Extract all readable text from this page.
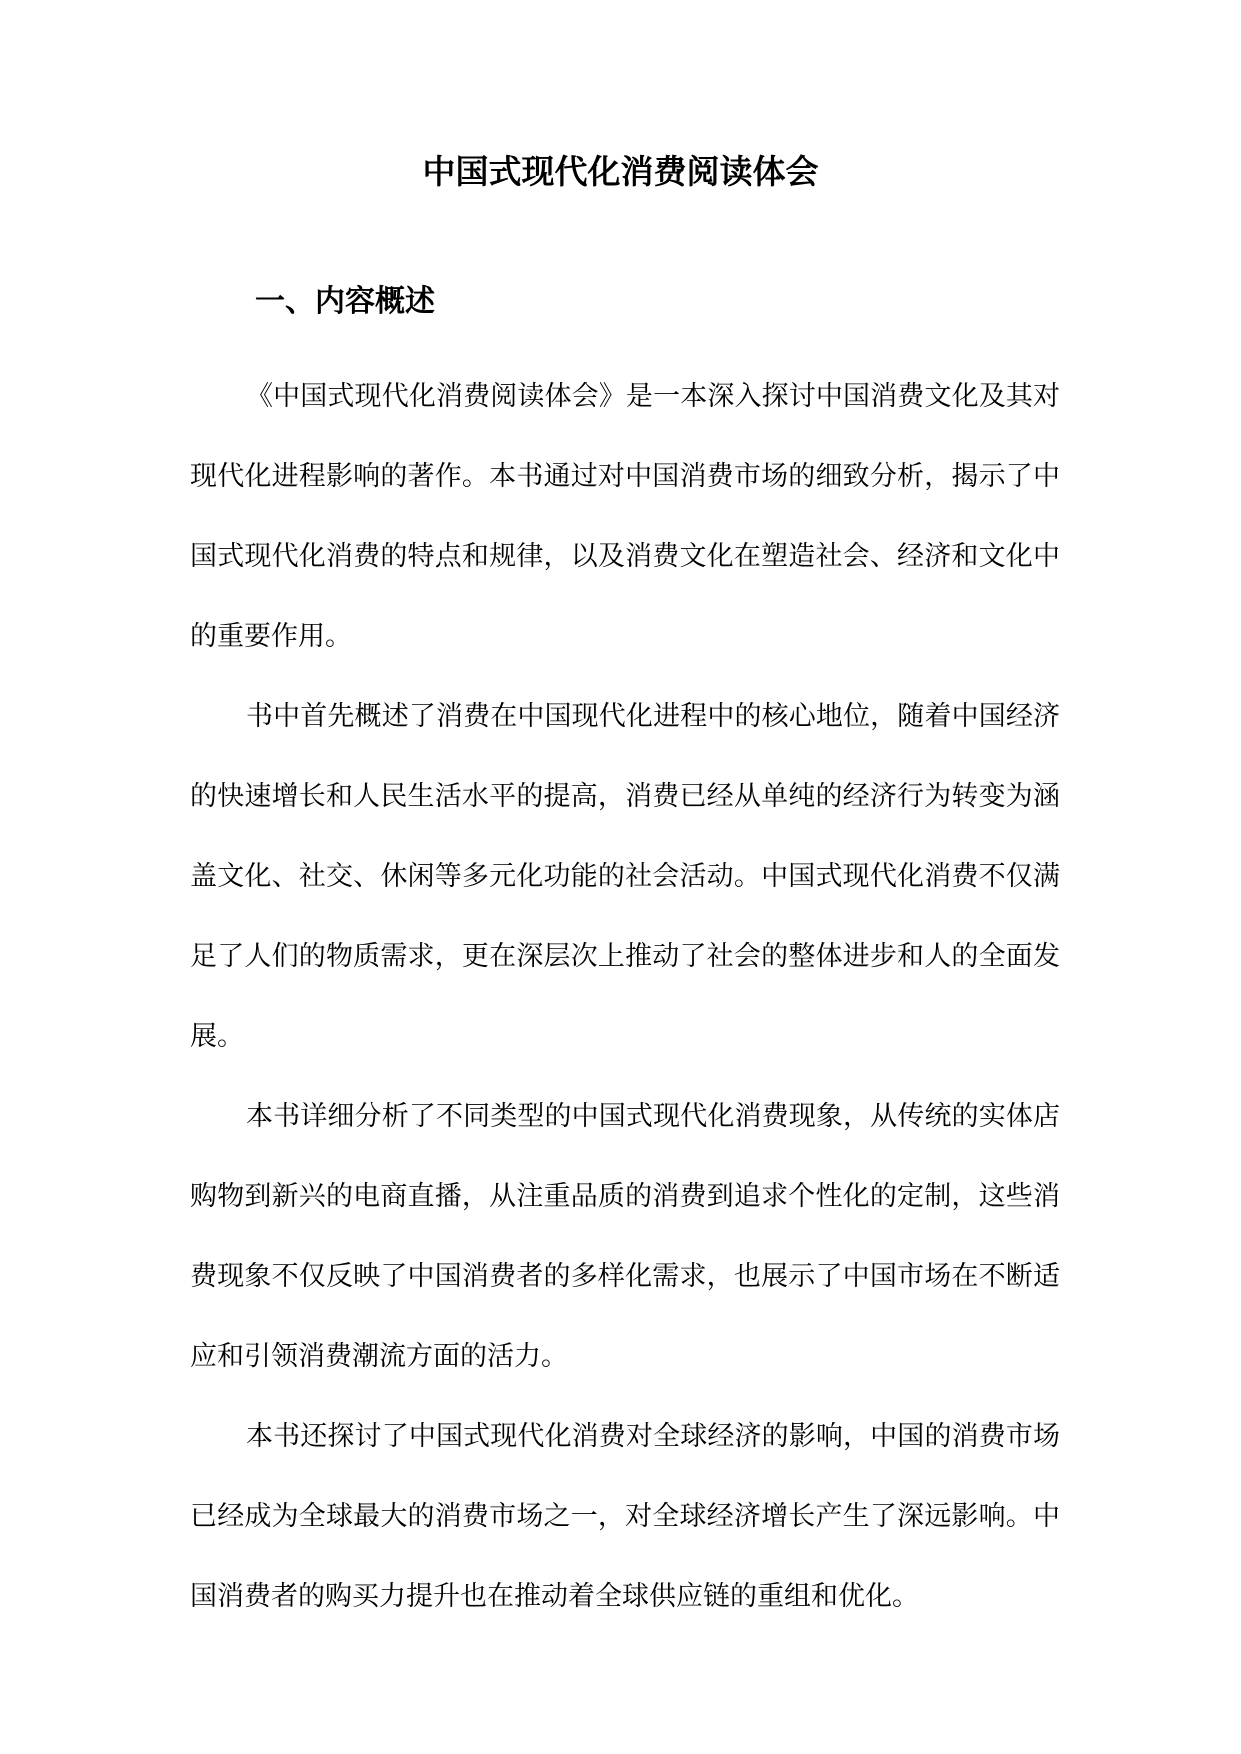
中国式现代化消费阅读体会
一、内容概述

《中国式现代化消费阅读体会》是一本深入探讨中国消费文化及其对现代化进程影响的著作。本书通过对中国消费市场的细致分析，揭示了中国式现代化消费的特点和规律，以及消费文化在塑造社会、经济和文化中的重要作用。

书中首先概述了消费在中国现代化进程中的核心地位，随着中国经济的快速增长和人民生活水平的提高，消费已经从单纯的经济行为转变为涵盖文化、社交、休闲等多元化功能的社会活动。中国式现代化消费不仅满足了人们的物质需求，更在深层次上推动了社会的整体进步和人的全面发展。

本书详细分析了不同类型的中国式现代化消费现象，从传统的实体店购物到新兴的电商直播，从注重品质的消费到追求个性化的定制，这些消费现象不仅反映了中国消费者的多样化需求，也展示了中国市场在不断适应和引领消费潮流方面的活力。

本书还探讨了中国式现代化消费对全球经济的影响，中国的消费市场已经成为全球最大的消费市场之一，对全球经济增长产生了深远影响。中国消费者的购买力提升也在推动着全球供应链的重组和优化。
